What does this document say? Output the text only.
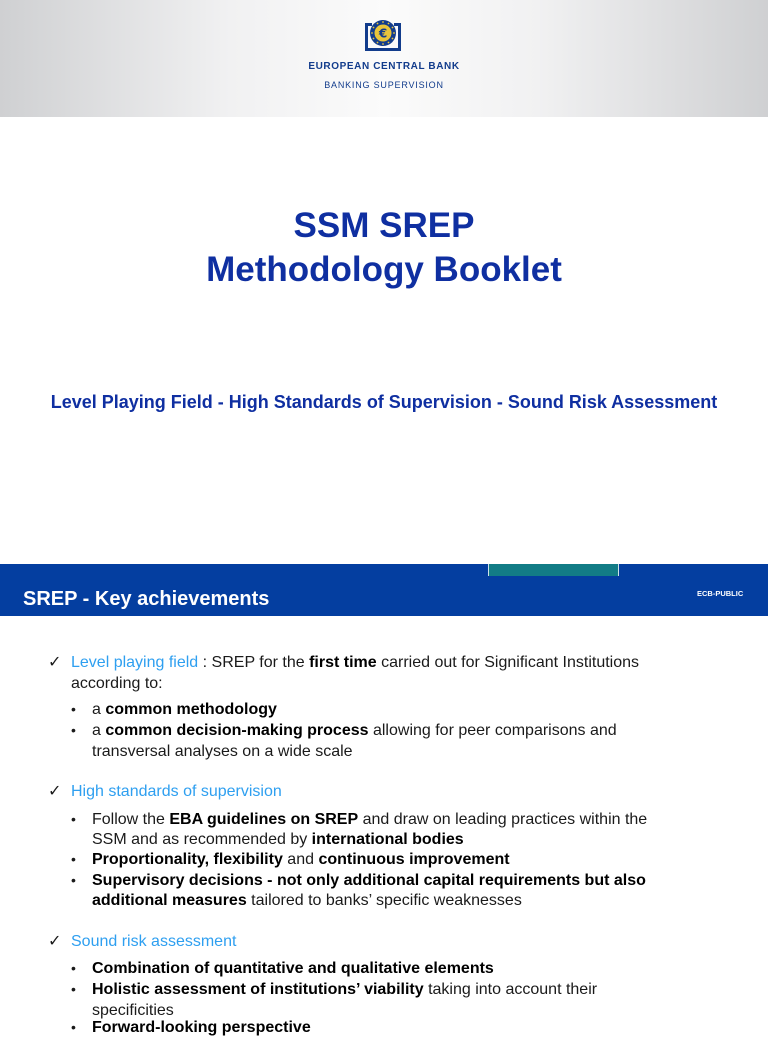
€
EUROPEAN CENTRAL BANK
BANKING SUPERVISION
SSM SREP
Methodology Booklet
Level Playing Field - High Standards of Supervision - Sound Risk Assessment
SREP - Key achievements	ECB-PUBLIC
✓ Level playing field : SREP for the first time carried out for Significant Institutions
according to:
• a common methodology
• a common decision-making process allowing for peer comparisons and
transversal analyses on a wide scale
✓ High standards of supervision
• Follow the EBA guidelines on SREP and draw on leading practices within the
SSM and as recommended by international bodies
• Proportionality, flexibility and continuous improvement
• Supervisory decisions - not only additional capital requirements but also
additional measures tailored to banks’ specific weaknesses
✓ Sound risk assessment
• Combination of quantitative and qualitative elements
• Holistic assessment of institutions’ viability taking into account their
specificities
• Forward-looking perspective
